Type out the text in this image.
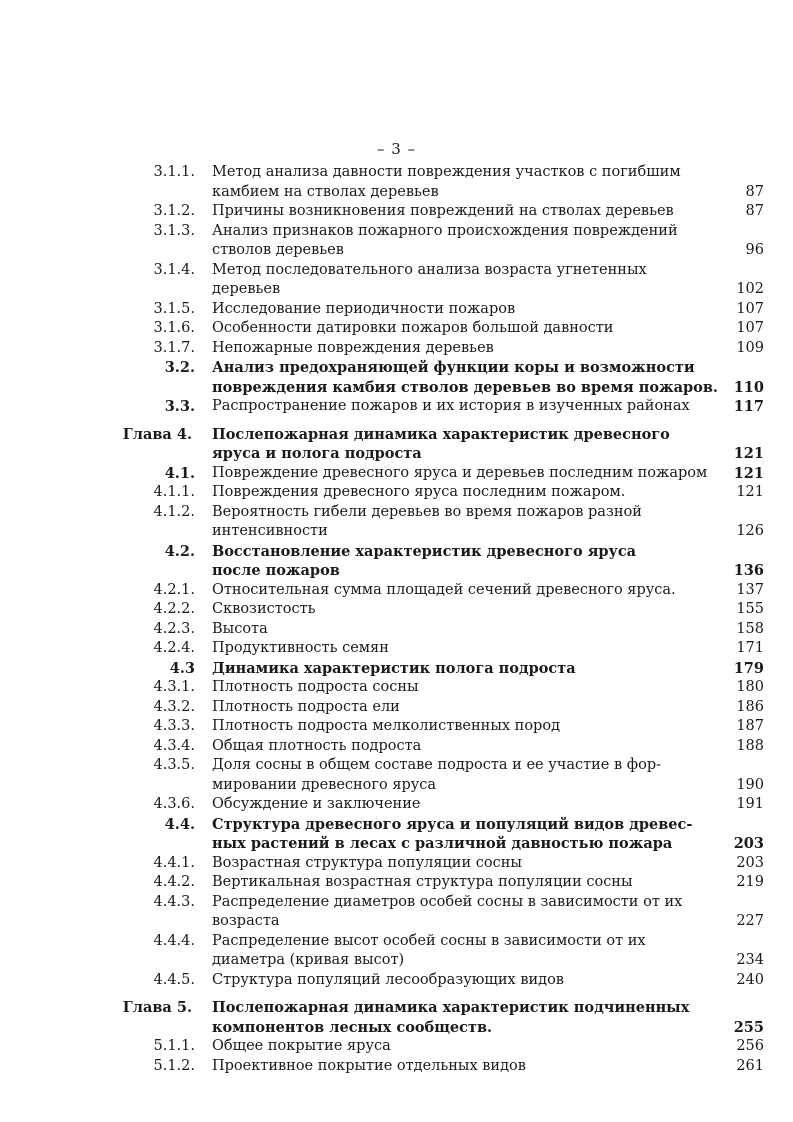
– 3 –
3.1.1. Метод анализа давности повреждения участков с погибшим
камбием на стволах деревьев	87
3.1.2. Причины возникновения повреждений на стволах деревьев	87
3.1.3. Анализ признаков пожарного происхождения повреждений
стволов деревьев	96
3.1.4. Метод последовательного анализа возраста угнетенных
деревьев	102
3.1.5. Исследование периодичности пожаров	107
3.1.6. Особенности датировки пожаров большой давности	107
3.1.7. Непожарные повреждения деревьев	109
3.2. Анализ предохраняющей функции коры и возможности
повреждения камбия стволов деревьев во время пожаров. 110
3.3. Распространение пожаров и их история в изученных районах	117
Глава 4. Послепожарная динамика характеристик древесного
яруса и полога подроста	121
4.1. Повреждение древесного яруса и деревьев последним пожаром 121
4.1.1. Повреждения древесного яруса последним пожаром.	121
4.1.2. Вероятность гибели деревьев во время пожаров разной
интенсивности	126
4.2. Восстановление характеристик древесного яруса
после пожаров	136
4.2.1. Относительная сумма площадей сечений древесного яруса.	137
4.2.2. Сквозистость	155
4.2.3. Высота	158
4.2.4. Продуктивность семян	171
4.3 Динамика характеристик полога подроста	179
4.3.1. Плотность подроста сосны	180
4.3.2. Плотность подроста ели	186
4.3.3. Плотность подроста мелколиственных пород	187
4.3.4. Общая плотность подроста	188
4.3.5. Доля сосны в общем составе подроста и ее участие в фор-
мировании древесного яруса	190
4.3.6. Обсуждение и заключение	191
4.4. Структура древесного яруса и популяций видов древес-
ных растений в лесах с различной давностью пожара	203
4.4.1. Возрастная структура популяции сосны	203
4.4.2. Вертикальная возрастная структура популяции сосны	219
4.4.3. Распределение диаметров особей сосны в зависимости от их
возраста	227
4.4.4. Распределение высот особей сосны в зависимости от их
диаметра (кривая высот)	234
4.4.5. Структура популяций лесообразующих видов	240
Глава 5. Послепожарная динамика характеристик подчиненных
компонентов лесных сообществ.	255
5.1.1. Общее покрытие яруса	256
5.1.2. Проективное покрытие отдельных видов	261
